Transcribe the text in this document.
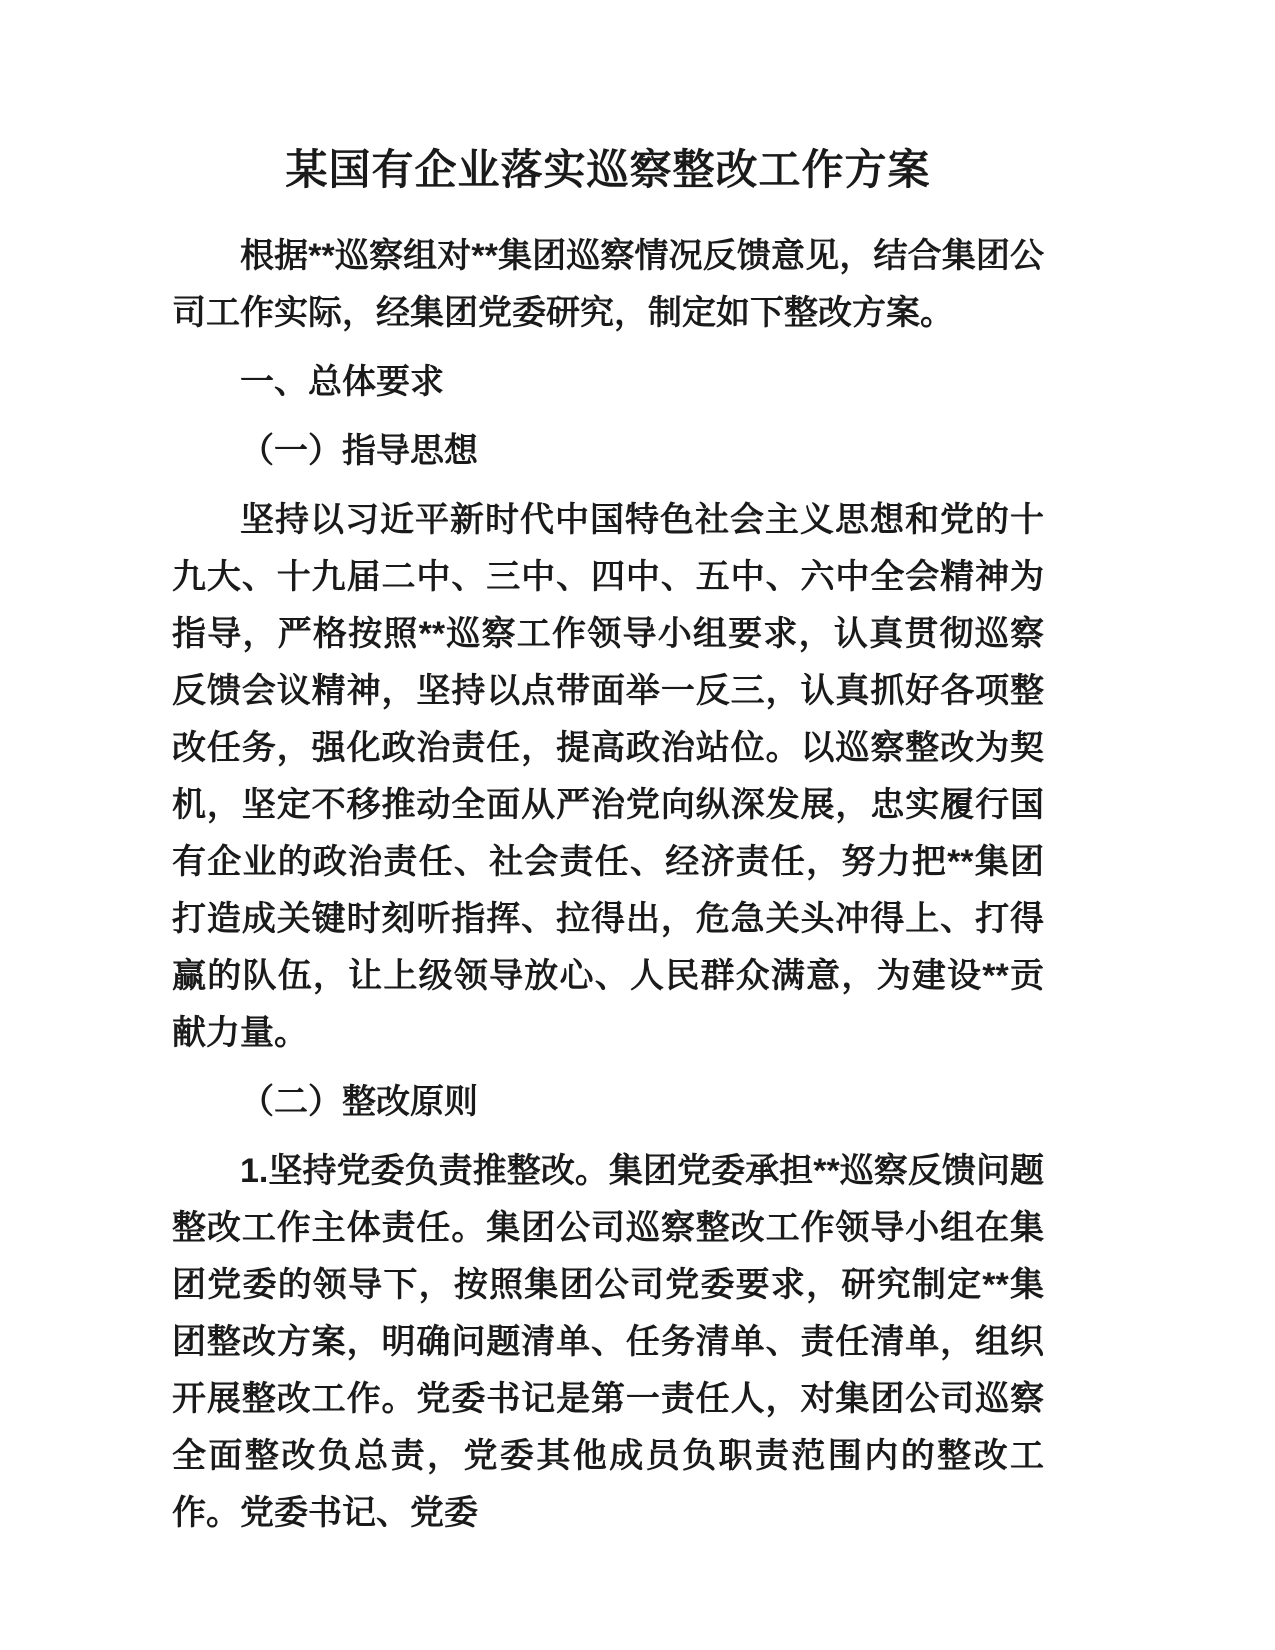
某国有企业落实巡察整改工作方案

根据**巡察组对**集团巡察情况反馈意见，结合集团公司工作实际，经集团党委研究，制定如下整改方案。

一、总体要求

（一）指导思想

坚持以习近平新时代中国特色社会主义思想和党的十九大、十九届二中、三中、四中、五中、六中全会精神为指导，严格按照**巡察工作领导小组要求，认真贯彻巡察反馈会议精神，坚持以点带面举一反三，认真抓好各项整改任务，强化政治责任，提高政治站位。以巡察整改为契机，坚定不移推动全面从严治党向纵深发展，忠实履行国有企业的政治责任、社会责任、经济责任，努力把**集团打造成关键时刻听指挥、拉得出，危急关头冲得上、打得赢的队伍，让上级领导放心、人民群众满意，为建设**贡献力量。

（二）整改原则

1.坚持党委负责推整改。集团党委承担**巡察反馈问题整改工作主体责任。集团公司巡察整改工作领导小组在集团党委的领导下，按照集团公司党委要求，研究制定**集团整改方案，明确问题清单、任务清单、责任清单，组织开展整改工作。党委书记是第一责任人，对集团公司巡察全面整改负总责，党委其他成员负职责范围内的整改工作。党委书记、党委
